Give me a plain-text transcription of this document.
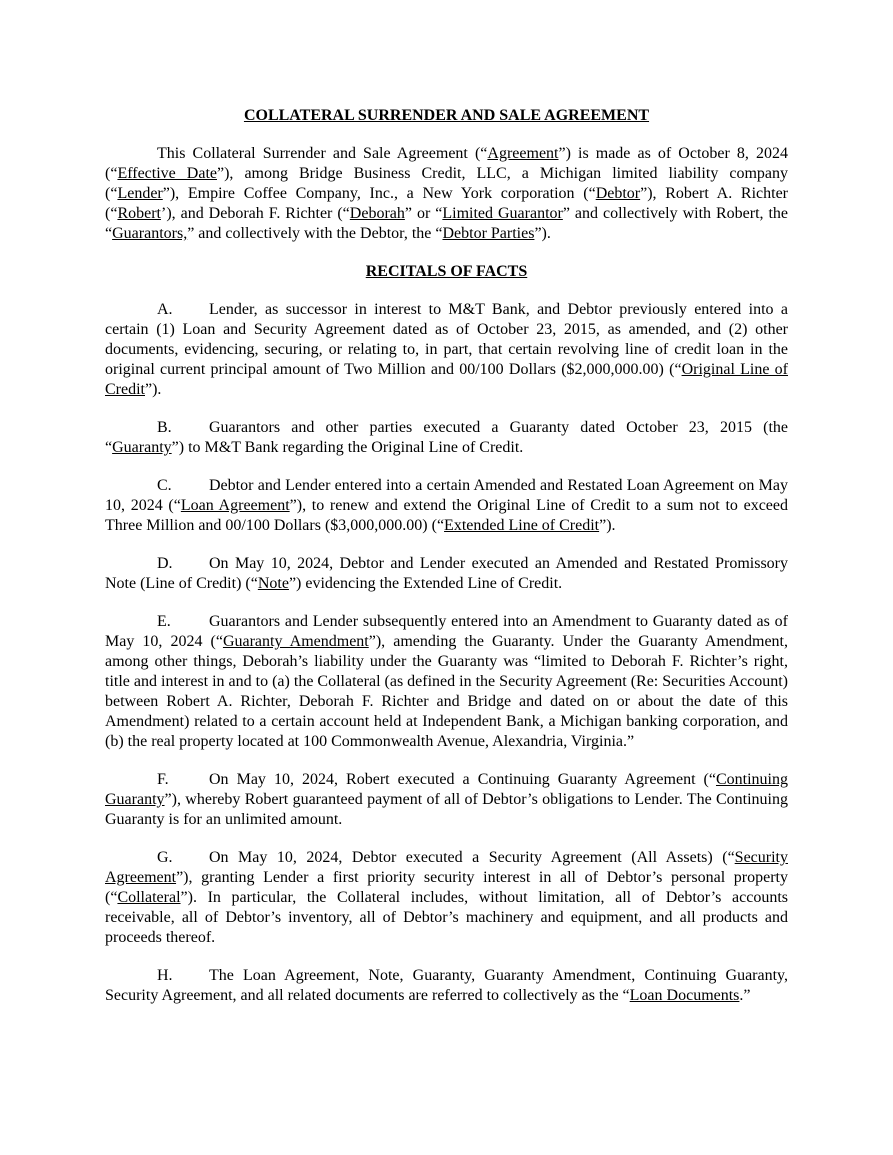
COLLATERAL SURRENDER AND SALE AGREEMENT

This Collateral Surrender and Sale Agreement (“Agreement”) is made as of October 8, 2024 (“Effective Date”), among Bridge Business Credit, LLC, a Michigan limited liability company (“Lender”), Empire Coffee Company, Inc., a New York corporation (“Debtor”), Robert A. Richter (“Robert’), and Deborah F. Richter (“Deborah” or “Limited Guarantor” and collectively with Robert, the “Guarantors,” and collectively with the Debtor, the “Debtor Parties”).

RECITALS OF FACTS

A. Lender, as successor in interest to M&T Bank, and Debtor previously entered into a certain (1) Loan and Security Agreement dated as of October 23, 2015, as amended, and (2) other documents, evidencing, securing, or relating to, in part, that certain revolving line of credit loan in the original current principal amount of Two Million and 00/100 Dollars ($2,000,000.00) (“Original Line of Credit”).

B. Guarantors and other parties executed a Guaranty dated October 23, 2015 (the “Guaranty”) to M&T Bank regarding the Original Line of Credit.

C. Debtor and Lender entered into a certain Amended and Restated Loan Agreement on May 10, 2024 (“Loan Agreement”), to renew and extend the Original Line of Credit to a sum not to exceed Three Million and 00/100 Dollars ($3,000,000.00) (“Extended Line of Credit”).

D. On May 10, 2024, Debtor and Lender executed an Amended and Restated Promissory Note (Line of Credit) (“Note”) evidencing the Extended Line of Credit.

E. Guarantors and Lender subsequently entered into an Amendment to Guaranty dated as of May 10, 2024 (“Guaranty Amendment”), amending the Guaranty. Under the Guaranty Amendment, among other things, Deborah’s liability under the Guaranty was “limited to Deborah F. Richter’s right, title and interest in and to (a) the Collateral (as defined in the Security Agreement (Re: Securities Account) between Robert A. Richter, Deborah F. Richter and Bridge and dated on or about the date of this Amendment) related to a certain account held at Independent Bank, a Michigan banking corporation, and (b) the real property located at 100 Commonwealth Avenue, Alexandria, Virginia.”

F.	On May 10, 2024, Robert executed a Continuing Guaranty Agreement (“Continuing Guaranty”), whereby Robert guaranteed payment of all of Debtor’s obligations to Lender. The Continuing Guaranty is for an unlimited amount.

G. On May 10, 2024, Debtor executed a Security Agreement (All Assets) (“Security Agreement”), granting Lender a first priority security interest in all of Debtor’s personal property (“Collateral”). In particular, the Collateral includes, without limitation, all of Debtor’s accounts receivable, all of Debtor’s inventory, all of Debtor’s machinery and equipment, and all products and proceeds thereof.

H. The Loan Agreement, Note, Guaranty, Guaranty Amendment, Continuing Guaranty, Security Agreement, and all related documents are referred to collectively as the “Loan Documents.”
